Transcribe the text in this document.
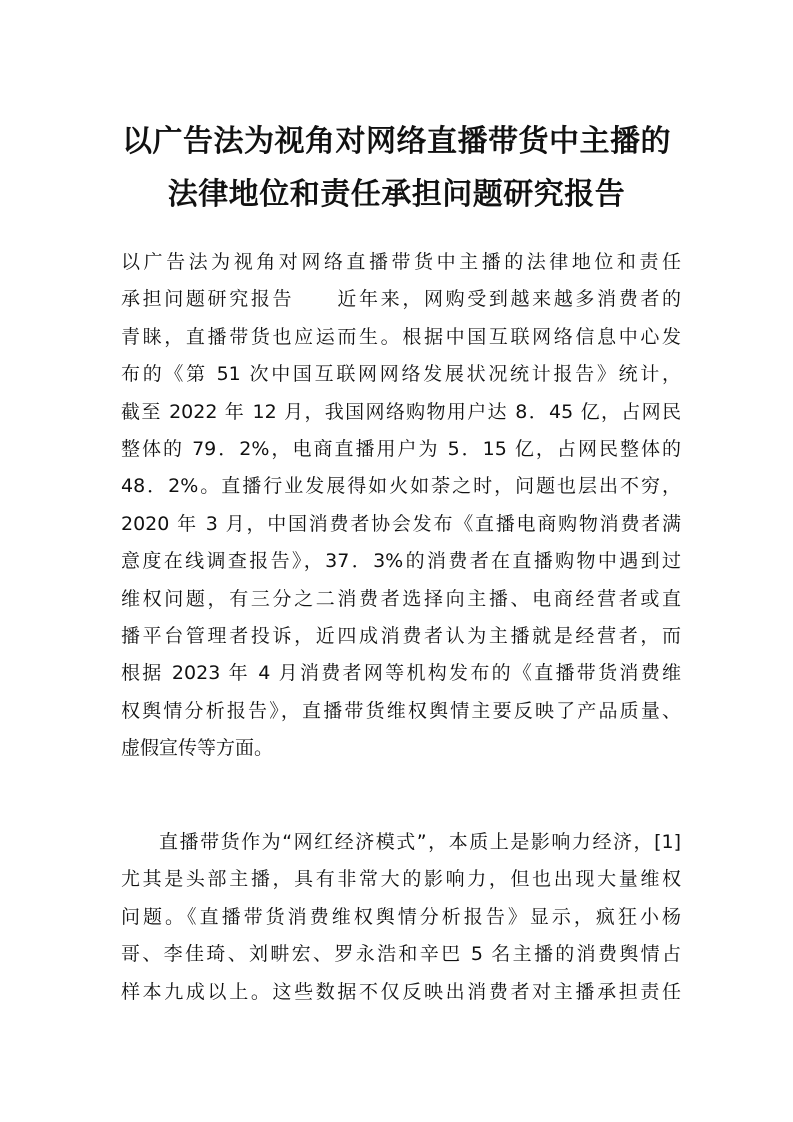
以广告法为视角对网络直播带货中主播的
法律地位和责任承担问题研究报告
以广告法为视角对网络直播带货中主播的法律地位和责任
承担问题研究报告　　近年来，网购受到越来越多消费者的
青睐，直播带货也应运而生。根据中国互联网络信息中心发
布的《第 51 次中国互联网网络发展状况统计报告》统计，
截至 2022 年 12 月，我国网络购物用户达 8．45 亿，占网民
整体的 79．2%，电商直播用户为 5．15 亿，占网民整体的
48．2%。直播行业发展得如火如荼之时，问题也层出不穷，
2020 年 3 月，中国消费者协会发布《直播电商购物消费者满
意度在线调查报告》，37．3%的消费者在直播购物中遇到过
维权问题，有三分之二消费者选择向主播、电商经营者或直
播平台管理者投诉，近四成消费者认为主播就是经营者，而
根据 2023 年 4 月消费者网等机构发布的《直播带货消费维
权舆情分析报告》，直播带货维权舆情主要反映了产品质量、
虚假宣传等方面。
直播带货作为“网红经济模式”，本质上是影响力经济，[1]
尤其是头部主播，具有非常大的影响力，但也出现大量维权
问题。《直播带货消费维权舆情分析报告》显示，疯狂小杨
哥、李佳琦、刘畊宏、罗永浩和辛巴 5 名主播的消费舆情占
样本九成以上。这些数据不仅反映出消费者对主播承担责任
